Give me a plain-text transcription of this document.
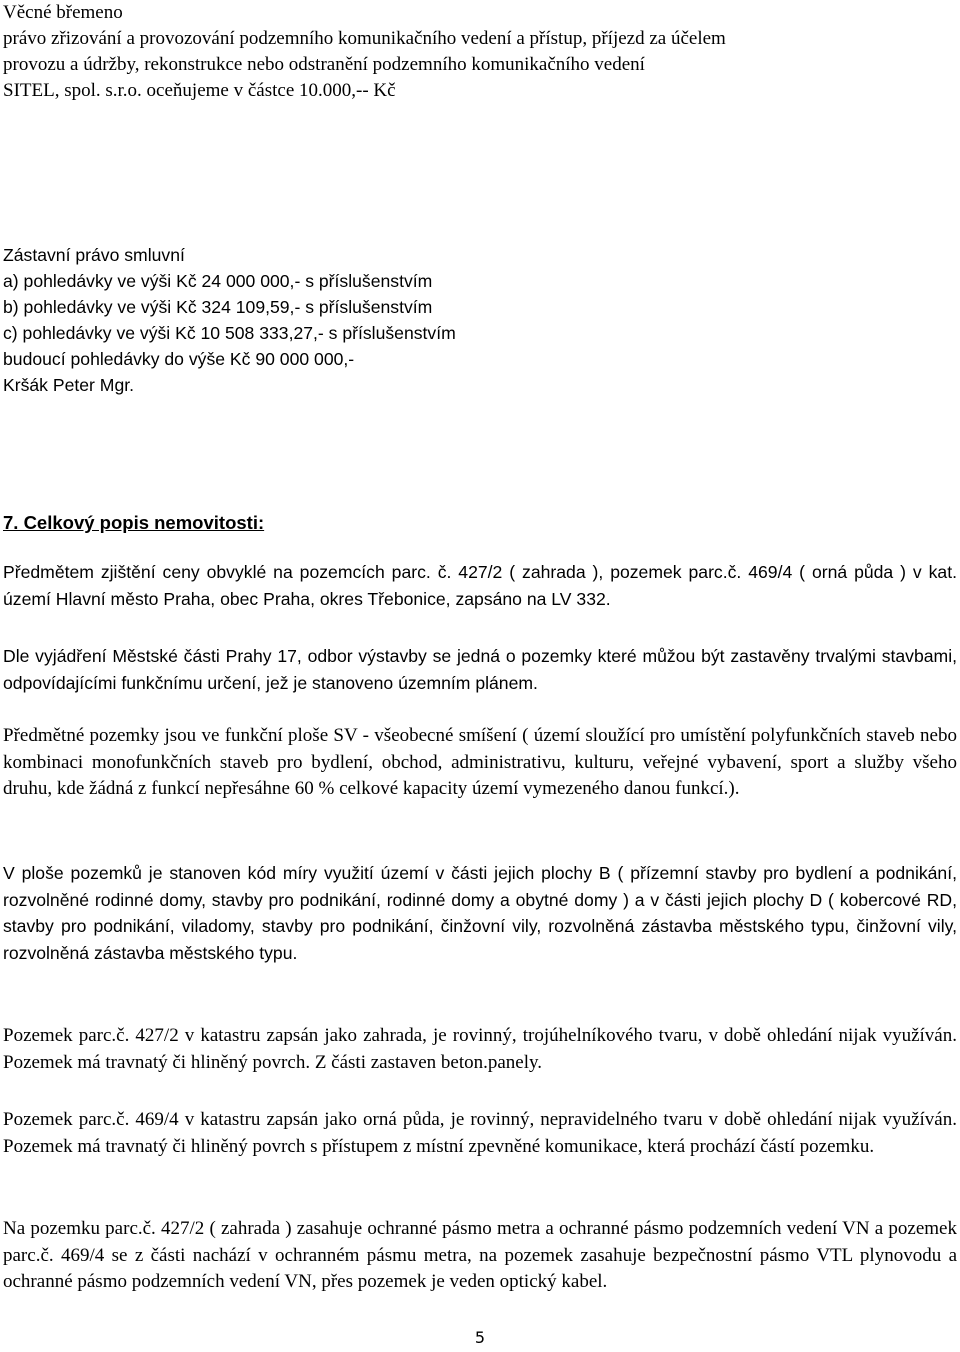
Věcné břemeno
právo zřizování a provozování podzemního komunikačního vedení a přístup, příjezd za účelem
provozu a údržby, rekonstrukce nebo odstranění podzemního komunikačního vedení
SITEL, spol. s.r.o. oceňujeme v částce 10.000,-- Kč
Zástavní právo smluvní
a) pohledávky ve výši Kč 24 000 000,- s příslušenstvím
b) pohledávky ve výši Kč 324 109,59,- s příslušenstvím
c) pohledávky ve výši Kč 10 508 333,27,- s příslušenstvím
budoucí pohledávky do výše Kč 90 000 000,-
Kršák Peter Mgr.
7. Celkový popis nemovitosti:

Předmětem zjištění ceny obvyklé na pozemcích parc. č. 427/2 ( zahrada ), pozemek parc.č. 469/4 ( orná půda ) v kat. území Hlavní město Praha, obec Praha, okres Třebonice, zapsáno na LV 332.

Dle vyjádření Městské části Prahy 17, odbor výstavby se jedná o pozemky které můžou být zastavěny trvalými stavbami, odpovídajícími funkčnímu určení, jež je stanoveno územním plánem.

Předmětné pozemky jsou ve funkční ploše SV - všeobecné smíšení ( území sloužící pro umístění polyfunkčních staveb nebo kombinaci monofunkčních staveb pro bydlení, obchod, administrativu, kulturu, veřejné vybavení, sport a služby všeho druhu, kde žádná z funkcí nepřesáhne 60 % celkové kapacity území vymezeného danou funkcí.).

V ploše pozemků je stanoven kód míry využití území v části jejich plochy B ( přízemní stavby pro bydlení a podnikání, rozvolněné rodinné domy, stavby pro podnikání, rodinné domy a obytné domy ) a v části jejich plochy D ( kobercové RD, stavby pro podnikání, viladomy, stavby pro podnikání, činžovní vily, rozvolněná zástavba městského typu, činžovní vily, rozvolněná zástavba městského typu.

Pozemek parc.č. 427/2 v katastru zapsán jako zahrada, je rovinný, trojúhelníkového tvaru, v době ohledání nijak využíván. Pozemek má travnatý či hliněný povrch. Z části zastaven beton.panely.

Pozemek parc.č. 469/4 v katastru zapsán jako orná půda, je rovinný, nepravidelného tvaru v době ohledání nijak využíván. Pozemek má travnatý či hliněný povrch s přístupem z místní zpevněné komunikace, která prochází částí pozemku.

Na pozemku parc.č. 427/2 ( zahrada ) zasahuje ochranné pásmo metra a ochranné pásmo podzemních vedení VN a pozemek parc.č. 469/4 se z části nachází v ochranném pásmu metra, na pozemek zasahuje bezpečnostní pásmo VTL plynovodu a ochranné pásmo podzemních vedení VN, přes pozemek je veden optický kabel.

5
